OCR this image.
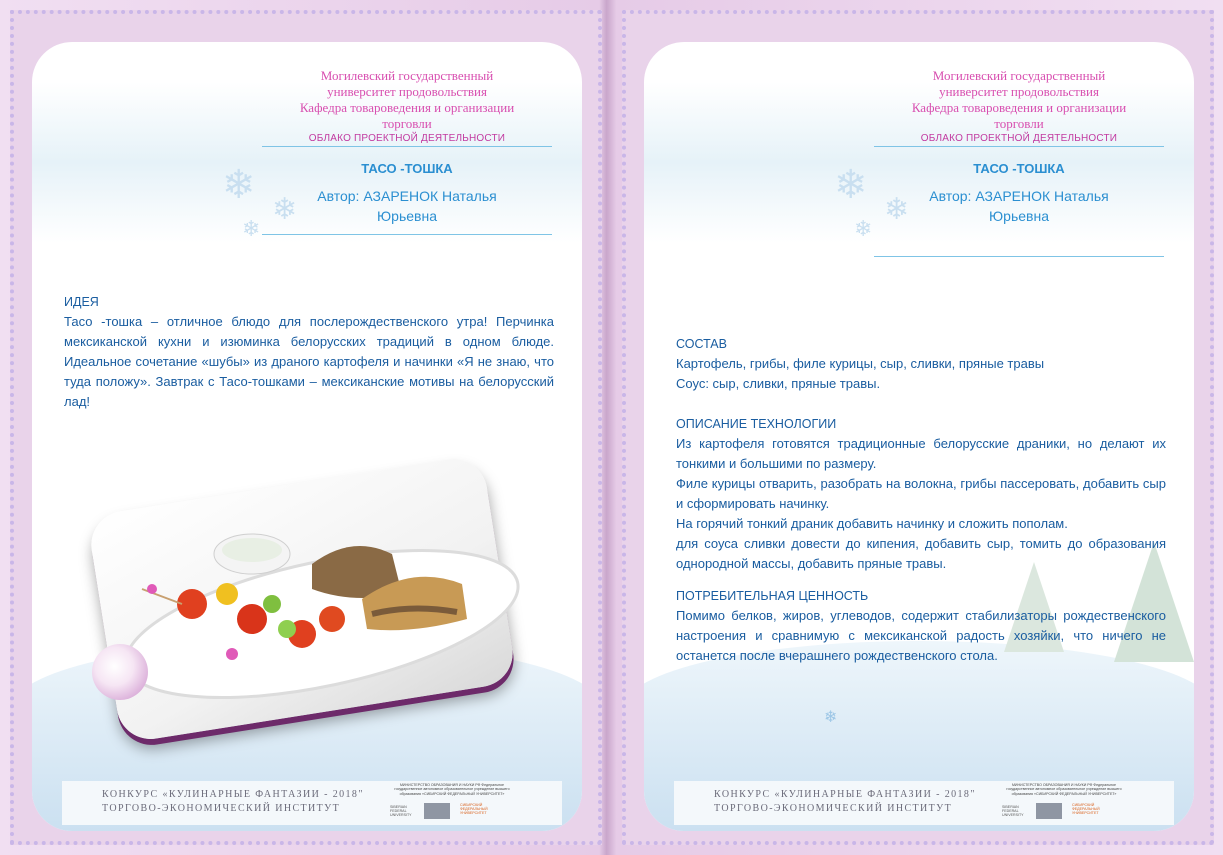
❄
❄
❄
Могилевский государственный
университет продовольствия
Кафедра товароведения и организации
торговли
ОБЛАКО ПРОЕКТНОЙ ДЕЯТЕЛЬНОСТИ
ТАСО -ТОШКА
Автор: АЗАРЕНОК Наталья
Юрьевна
ИДЕЯ
Тасо -тошка – отличное блюдо для послерождественского утра! Перчинка мексиканской кухни и изюминка белорусских традиций в одном блюде. Идеальное сочетание «шубы» из драного картофеля и начинки «Я не знаю, что туда положу». Завтрак с Тасо-тошками – мексиканские мотивы на белорусский лад!
КОНКУРС «КУЛИНАРНЫЕ ФАНТАЗИИ - 2018"
ТОРГОВО-ЭКОНОМИЧЕСКИЙ ИНСТИТУТ
МИНИСТЕРСТВО ОБРАЗОВАНИЯ И НАУКИ РФ Федеральное государственное автономное образовательное учреждение высшего образования «СИБИРСКИЙ ФЕДЕРАЛЬНЫЙ УНИВЕРСИТЕТ»
SIBERIAN FEDERAL UNIVERSITY
СИБИРСКИЙ ФЕДЕРАЛЬНЫЙ УНИВЕРСИТЕТ
❄
❄
❄
❄
Могилевский государственный
университет продовольствия
Кафедра товароведения и организации
торговли
ОБЛАКО ПРОЕКТНОЙ ДЕЯТЕЛЬНОСТИ
ТАСО -ТОШКА
Автор: АЗАРЕНОК Наталья
Юрьевна
СОСТАВ
Картофель, грибы, филе курицы, сыр, сливки, пряные травы
Соус: сыр, сливки, пряные травы.
ОПИСАНИЕ ТЕХНОЛОГИИ
Из картофеля готовятся традиционные белорусские драники, но делают их тонкими и большими по размеру.
Филе курицы отварить, разобрать на волокна, грибы пассеровать, добавить сыр и сформировать начинку.
На горячий тонкий драник добавить начинку и сложить пополам.
для соуса сливки довести до кипения, добавить сыр, томить до образования однородной массы, добавить пряные травы.
ПОТРЕБИТЕЛЬНАЯ ЦЕННОСТЬ
Помимо белков, жиров, углеводов, содержит стабилизаторы рождественского настроения и сравнимую с мексиканской радость хозяйки, что ничего не останется после вчерашнего рождественского стола.
КОНКУРС «КУЛИНАРНЫЕ ФАНТАЗИИ - 2018"
ТОРГОВО-ЭКОНОМИЧЕСКИЙ ИНСТИТУТ
МИНИСТЕРСТВО ОБРАЗОВАНИЯ И НАУКИ РФ Федеральное государственное автономное образовательное учреждение высшего образования «СИБИРСКИЙ ФЕДЕРАЛЬНЫЙ УНИВЕРСИТЕТ»
SIBERIAN FEDERAL UNIVERSITY
СИБИРСКИЙ ФЕДЕРАЛЬНЫЙ УНИВЕРСИТЕТ
